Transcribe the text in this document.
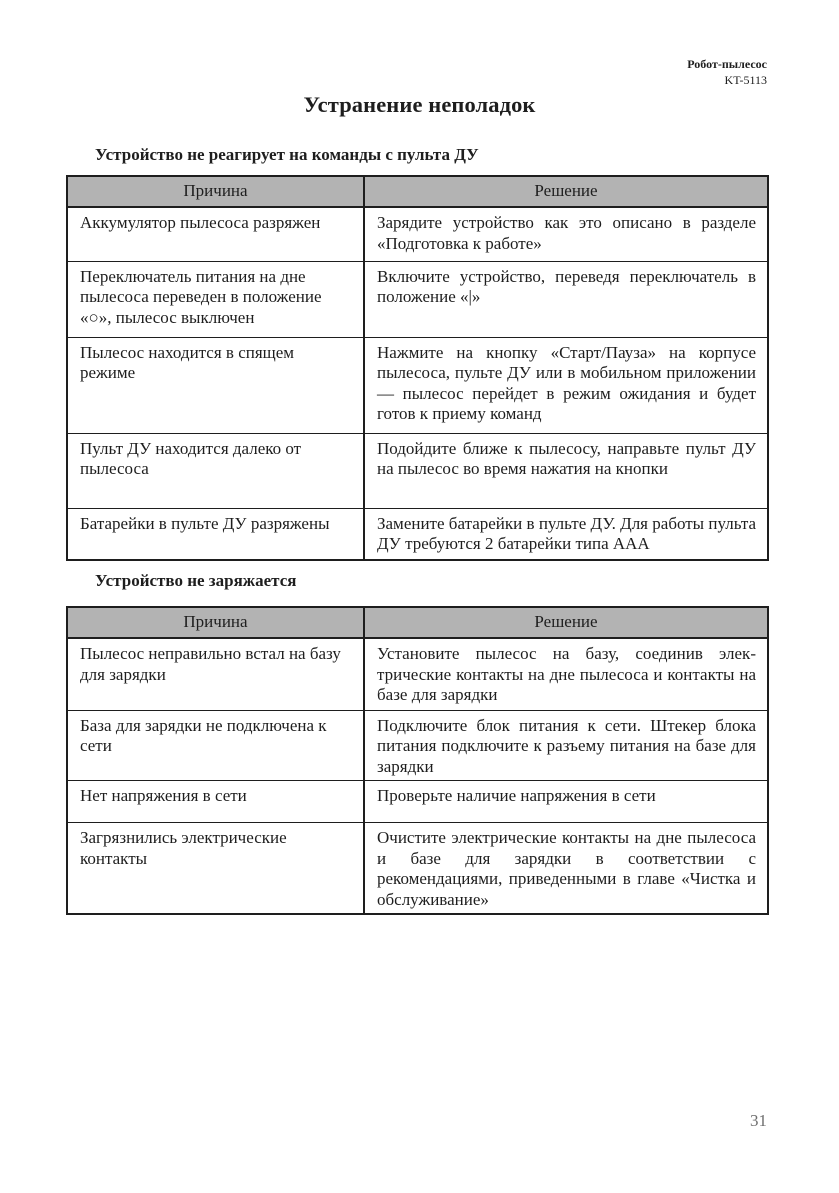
Робот-пылесос
KT-5113
Устранение неполадок
Устройство не реагирует на команды с пульта ДУ
Причина	Решение
Аккумулятор пылесоса разряжен	Зарядите устройство как это описано в разделе «Подготовка к работе»
Переключатель питания на дне пылесоса переведен в положение «○», пылесос выключен	Включите устройство, переведя переключатель в положение «|»
Пылесос находится в спящем режиме	Нажмите на кнопку «Старт/Пауза» на корпусе пылесоса, пульте ДУ или в мобильном приложении — пылесос перейдет в режим ожидания и будет готов к приему команд
Пульт ДУ находится далеко от пылесоса	Подойдите ближе к пылесосу, направьте пульт ДУ на пылесос во время нажатия на кнопки
Батарейки в пульте ДУ разряжены	Замените батарейки в пульте ДУ. Для работы пульта ДУ требуются 2 батарейки типа AAA
Устройство не заряжается
Причина	Решение
Пылесос неправильно встал на базу для зарядки	Установите пылесос на базу, соединив электрические контакты на дне пылесоса и контакты на базе для зарядки
База для зарядки не подключена к сети	Подключите блок питания к сети. Штекер блока питания подключите к разъему питания на базе для зарядки
Нет напряжения в сети	Проверьте наличие напряжения в сети
Загрязнились электрические контакты	Очистите электрические контакты на дне пылесоса и базе для зарядки в соответствии с рекомендациями, приведенными в главе «Чистка и обслуживание»
31
